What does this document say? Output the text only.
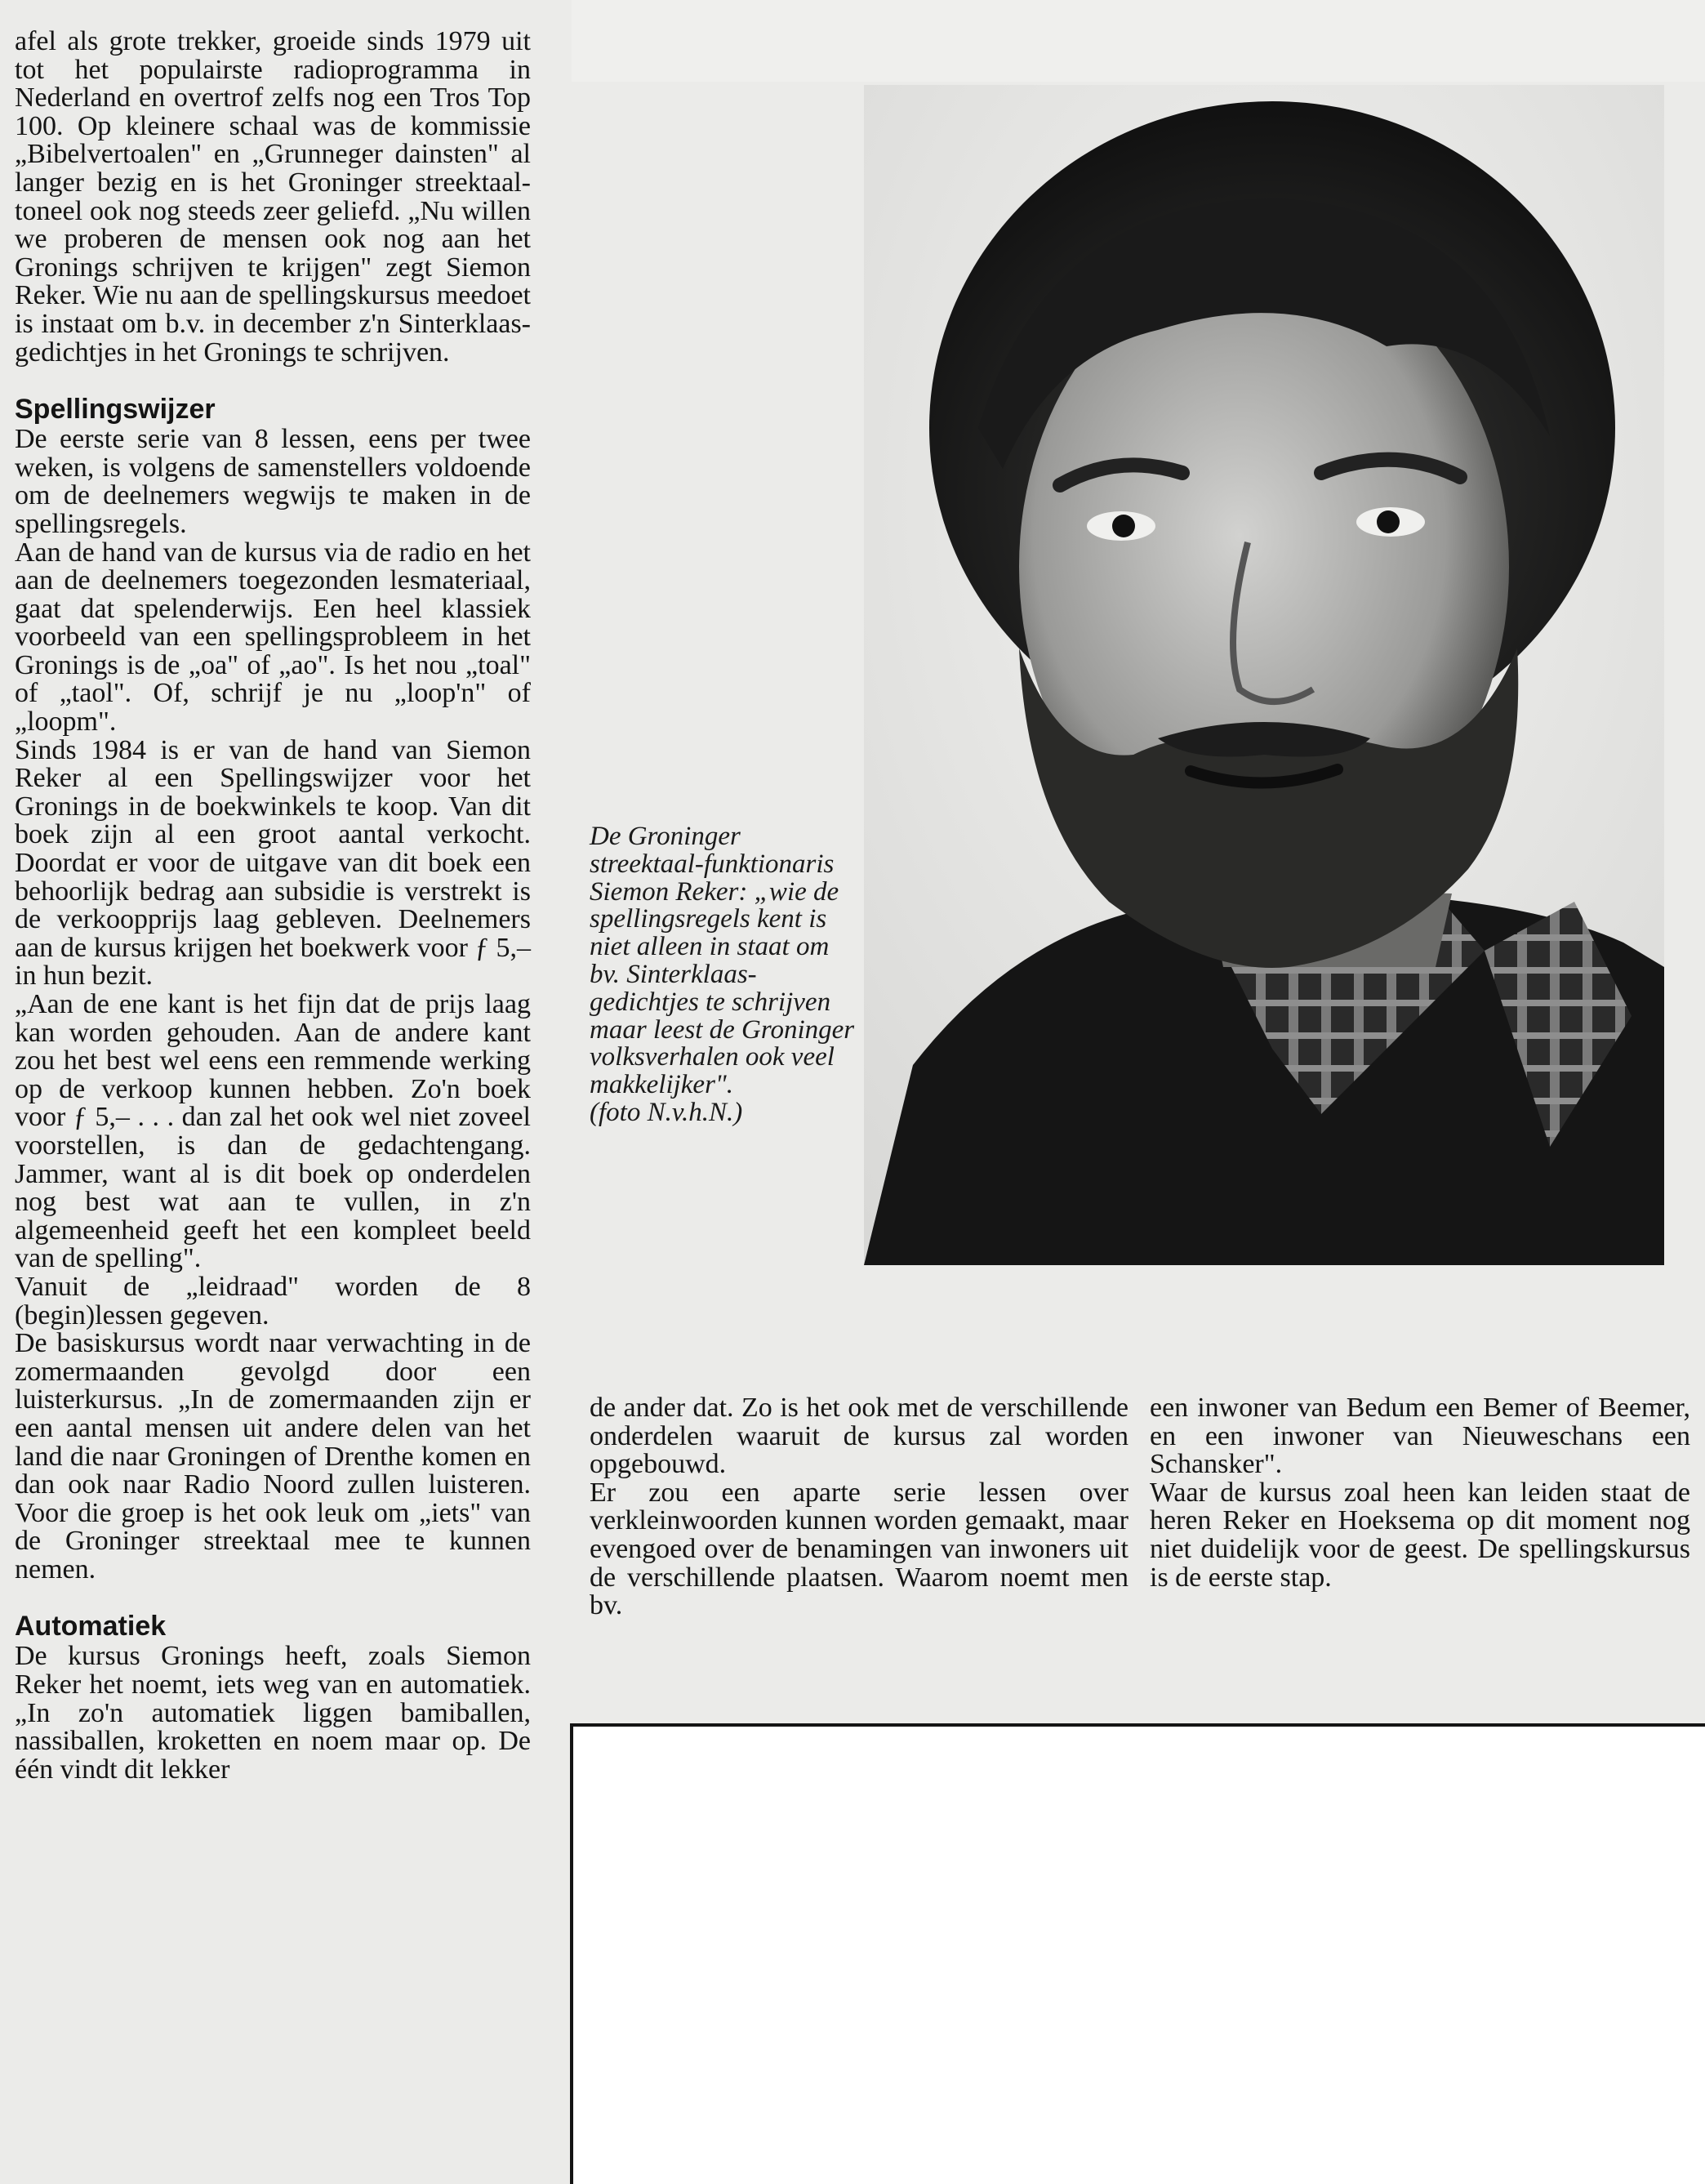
afel als grote trekker, groeide sinds 1979 uit tot het populairste radioprogramma in Nederland en overtrof zelfs nog een Tros Top 100. Op kleinere schaal was de kommissie „Bibelvertoalen" en „Grunneger dainsten" al langer bezig en is het Groninger streektaal-toneel ook nog steeds zeer geliefd. „Nu willen we proberen de mensen ook nog aan het Gronings schrijven te krijgen" zegt Siemon Reker. Wie nu aan de spellingskursus meedoet is instaat om b.v. in december z'n Sinterklaas-gedichtjes in het Gronings te schrijven.

Spellingswijzer

De eerste serie van 8 lessen, eens per twee weken, is volgens de samenstellers voldoende om de deelnemers wegwijs te maken in de spellingsregels.

Aan de hand van de kursus via de radio en het aan de deelnemers toegezonden lesmateriaal, gaat dat spelenderwijs. Een heel klassiek voorbeeld van een spellingsprobleem in het Gronings is de „oa" of „ao". Is het nou „toal" of „taol". Of, schrijf je nu „loop'n" of „loopm".

Sinds 1984 is er van de hand van Siemon Reker al een Spellingswijzer voor het Gronings in de boekwinkels te koop. Van dit boek zijn al een groot aantal verkocht. Doordat er voor de uitgave van dit boek een behoorlijk bedrag aan subsidie is verstrekt is de verkoopprijs laag gebleven. Deelnemers aan de kursus krijgen het boekwerk voor ƒ 5,– in hun bezit.

„Aan de ene kant is het fijn dat de prijs laag kan worden gehouden. Aan de andere kant zou het best wel eens een remmende werking op de verkoop kunnen hebben. Zo'n boek voor ƒ 5,– . . . dan zal het ook wel niet zoveel voorstellen, is dan de gedachtengang. Jammer, want al is dit boek op onderdelen nog best wat aan te vullen, in z'n algemeenheid geeft het een kompleet beeld van de spelling".

Vanuit de „leidraad" worden de 8 (begin)lessen gegeven.

De basiskursus wordt naar verwachting in de zomermaanden gevolgd door een luisterkursus. „In de zomermaanden zijn er een aantal mensen uit andere delen van het land die naar Groningen of Drenthe komen en dan ook naar Radio Noord zullen luisteren. Voor die groep is het ook leuk om „iets" van de Groninger streektaal mee te kunnen nemen.

Automatiek

De kursus Gronings heeft, zoals Siemon Reker het noemt, iets weg van en automatiek. „In zo'n automatiek liggen bamiballen, nassiballen, kroketten en noem maar op. De één vindt dit lekker

De Groninger streektaal-funktionaris Siemon Reker: „wie de spellingsregels kent is niet alleen in staat om bv. Sinterklaas-gedichtjes te schrijven maar leest de Groninger volksverhalen ook veel makkelijker".

(foto N.v.h.N.)

de ander dat. Zo is het ook met de verschillende onderdelen waaruit de kursus zal worden opgebouwd.

Er zou een aparte serie lessen over verkleinwoorden kunnen worden gemaakt, maar evengoed over de benamingen van inwoners uit de verschillende plaatsen. Waarom noemt men bv.

een inwoner van Bedum een Bemer of Beemer, en een inwoner van Nieuweschans een Schansker".

Waar de kursus zoal heen kan leiden staat de heren Reker en Hoeksema op dit moment nog niet duidelijk voor de geest. De spellingskursus is de eerste stap.
